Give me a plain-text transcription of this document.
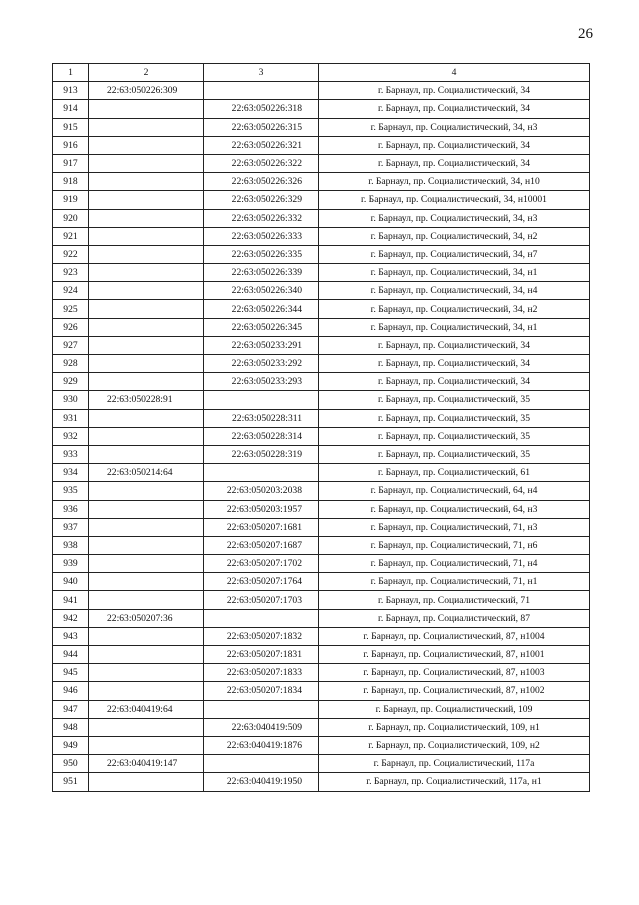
26
1	2	3	4
913	22:63:050226:309		г. Барнаул, пр. Социалистический, 34
914		22:63:050226:318	г. Барнаул, пр. Социалистический, 34
915		22:63:050226:315	г. Барнаул, пр. Социалистический, 34, н3
916		22:63:050226:321	г. Барнаул, пр. Социалистический, 34
917		22:63:050226:322	г. Барнаул, пр. Социалистический, 34
918		22:63:050226:326	г. Барнаул, пр. Социалистический, 34, н10
919		22:63:050226:329	г. Барнаул, пр. Социалистический, 34, н10001
920		22:63:050226:332	г. Барнаул, пр. Социалистический, 34, н3
921		22:63:050226:333	г. Барнаул, пр. Социалистический, 34, н2
922		22:63:050226:335	г. Барнаул, пр. Социалистический, 34, н7
923		22:63:050226:339	г. Барнаул, пр. Социалистический, 34, н1
924		22:63:050226:340	г. Барнаул, пр. Социалистический, 34, н4
925		22:63:050226:344	г. Барнаул, пр. Социалистический, 34, н2
926		22:63:050226:345	г. Барнаул, пр. Социалистический, 34, н1
927		22:63:050233:291	г. Барнаул, пр. Социалистический, 34
928		22:63:050233:292	г. Барнаул, пр. Социалистический, 34
929		22:63:050233:293	г. Барнаул, пр. Социалистический, 34
930	22:63:050228:91		г. Барнаул, пр. Социалистический, 35
931		22:63:050228:311	г. Барнаул, пр. Социалистический, 35
932		22:63:050228:314	г. Барнаул, пр. Социалистический, 35
933		22:63:050228:319	г. Барнаул, пр. Социалистический, 35
934	22:63:050214:64		г. Барнаул, пр. Социалистический, 61
935		22:63:050203:2038	г. Барнаул, пр. Социалистический, 64, н4
936		22:63:050203:1957	г. Барнаул, пр. Социалистический, 64, н3
937		22:63:050207:1681	г. Барнаул, пр. Социалистический, 71, н3
938		22:63:050207:1687	г. Барнаул, пр. Социалистический, 71, н6
939		22:63:050207:1702	г. Барнаул, пр. Социалистический, 71, н4
940		22:63:050207:1764	г. Барнаул, пр. Социалистический, 71, н1
941		22:63:050207:1703	г. Барнаул, пр. Социалистический, 71
942	22:63:050207:36		г. Барнаул, пр. Социалистический, 87
943		22:63:050207:1832	г. Барнаул, пр. Социалистический, 87, н1004
944		22:63:050207:1831	г. Барнаул, пр. Социалистический, 87, н1001
945		22:63:050207:1833	г. Барнаул, пр. Социалистический, 87, н1003
946		22:63:050207:1834	г. Барнаул, пр. Социалистический, 87, н1002
947	22:63:040419:64		г. Барнаул, пр. Социалистический, 109
948		22:63:040419:509	г. Барнаул, пр. Социалистический, 109, н1
949		22:63:040419:1876	г. Барнаул, пр. Социалистический, 109, н2
950	22:63:040419:147		г. Барнаул, пр. Социалистический, 117а
951		22:63:040419:1950	г. Барнаул, пр. Социалистический, 117а, н1
